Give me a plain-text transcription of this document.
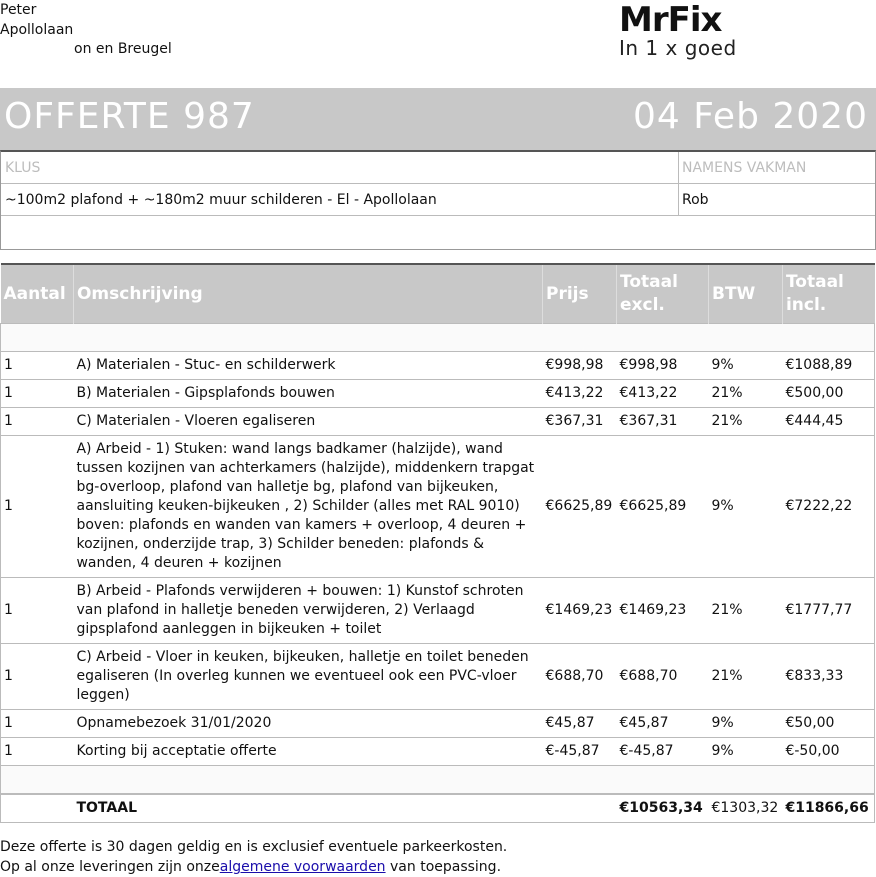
Peter
Apollolaan
on en Breugel
MrFix
In 1 x goed
OFFERTE 987	04 Feb 2020
KLUS	NAMENS VAKMAN
~100m2 plafond + ~180m2 muur schilderen - El - Apollolaan	Rob
Aantal	Omschrijving	Prijs	Totaal excl.	BTW	Totaal incl.

1	A) Materialen - Stuc- en schilderwerk	€998,98	€998,98	9%	€1088,89
1	B) Materialen - Gipsplafonds bouwen	€413,22	€413,22	21%	€500,00
1	C) Materialen - Vloeren egaliseren	€367,31	€367,31	21%	€444,45
1	A) Arbeid - 1) Stuken: wand langs badkamer (halzijde), wand tussen kozijnen van achterkamers (halzijde), middenkern trapgat bg-overloop, plafond van halletje bg, plafond van bijkeuken, aansluiting keuken-bijkeuken , 2) Schilder (alles met RAL 9010) boven: plafonds en wanden van kamers + overloop, 4 deuren + kozijnen, onderzijde trap, 3) Schilder beneden: plafonds & wanden, 4 deuren + kozijnen	€6625,89	€6625,89	9%	€7222,22
1	B) Arbeid - Plafonds verwijderen + bouwen: 1) Kunstof schroten van plafond in halletje beneden verwijderen, 2) Verlaagd gipsplafond aanleggen in bijkeuken + toilet	€1469,23	€1469,23	21%	€1777,77
1	C) Arbeid - Vloer in keuken, bijkeuken, halletje en toilet beneden egaliseren (In overleg kunnen we eventueel ook een PVC-vloer leggen)	€688,70	€688,70	21%	€833,33
1	Opnamebezoek 31/01/2020	€45,87	€45,87	9%	€50,00
1	Korting bij acceptatie offerte	€-45,87	€-45,87	9%	€-50,00

	TOTAAL		€10563,34	€1303,32	€11866,66
Deze offerte is 30 dagen geldig en is exclusief eventuele parkeerkosten.
Op al onze leveringen zijn onzealgemene voorwaarden van toepassing.
